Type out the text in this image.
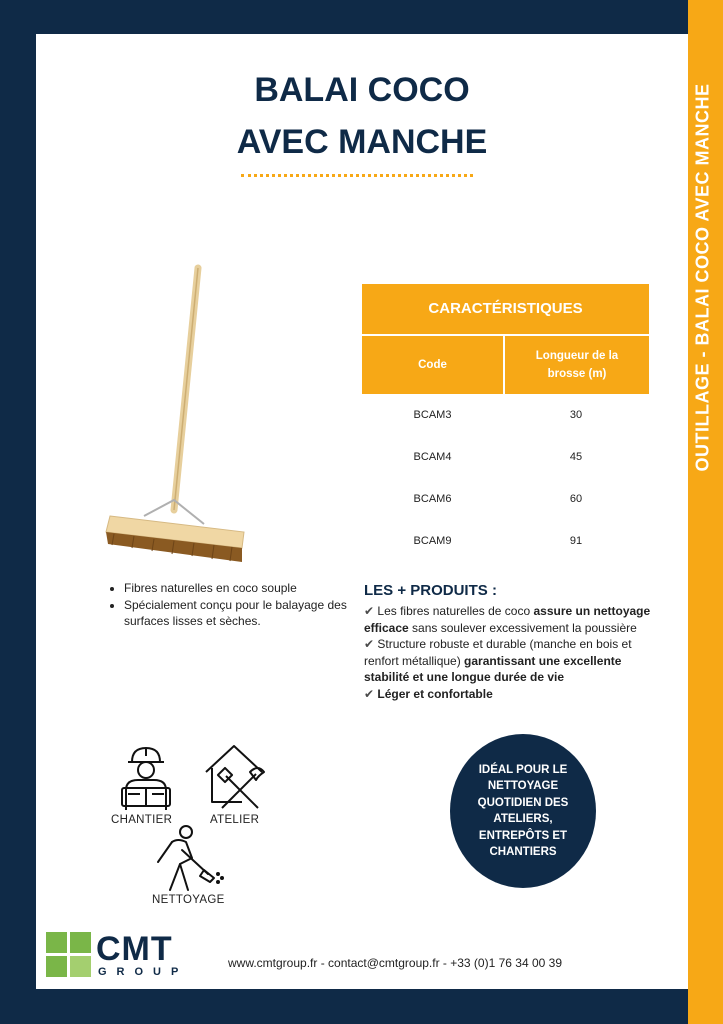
OUTILLAGE - BALAI COCO AVEC MANCHE
BALAI COCO
AVEC MANCHE
CARACTÉRISTIQUES
Code
Longueur de la brosse (m)
BCAM3	30
BCAM4	45
BCAM6	60
BCAM9	91
• Fibres naturelles en coco souple
• Spécialement conçu pour le balayage des surfaces lisses et sèches.
LES + PRODUITS :

✔ Les fibres naturelles de coco assure un nettoyage efficace sans soulever excessivement la poussière

✔ Structure robuste et durable (manche en bois et renfort métallique) garantissant une excellente stabilité et une longue durée de vie

✔ Léger et confortable

CHANTIER	ATELIER
NETTOYAGE
IDÉAL POUR LE NETTOYAGE QUOTIDIEN DES ATELIERS, ENTREPÔTS ET CHANTIERS
CMT
GROUP
www.cmtgroup.fr - contact@cmtgroup.fr - +33 (0)1 76 34 00 39
